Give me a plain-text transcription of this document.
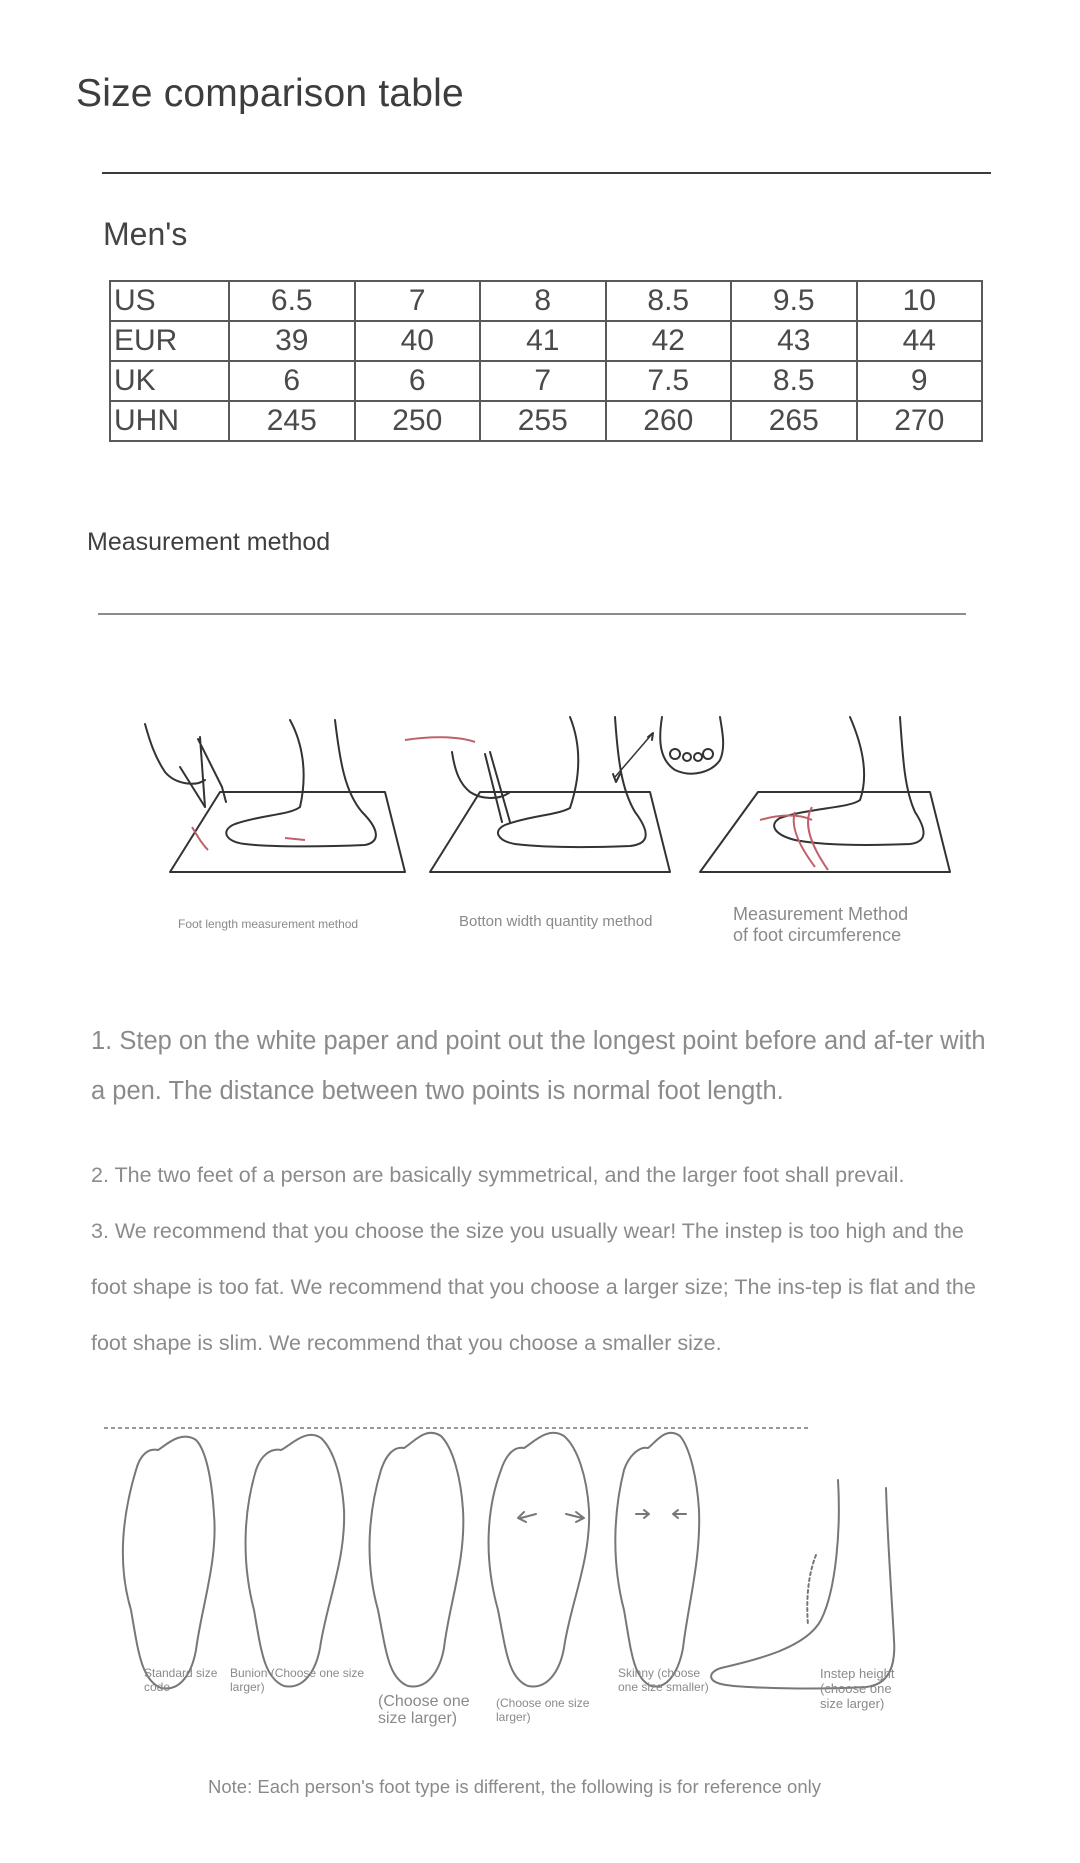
Size comparison table
Men's
US	6.5	7	8	8.5	9.5	10
EUR	39	40	41	42	43	44
UK	6	6	7	7.5	8.5	9
UHN	245	250	255	260	265	270
Measurement method
Foot length measurement method	Botton width quantity method	Measurement Method
of foot circumference
1. Step on the white paper and point out the longest point before and af-ter with a pen. The distance between two points is normal foot length.
2. The two feet of a person are basically symmetrical, and the larger foot shall prevail.
3. We recommend that you choose the size you usually wear! The instep is too high and the foot shape is too fat. We recommend that you choose a larger size; The ins-tep is flat and the foot shape is slim. We recommend that you choose a smaller size.
Standard size code
Bunion (Choose one size larger)
(Choose one size larger)
(Choose one size larger)
Skinny (choose one size smaller)
Instep height
(choose one
size larger)
Note: Each person's foot type is different, the following is for reference only
